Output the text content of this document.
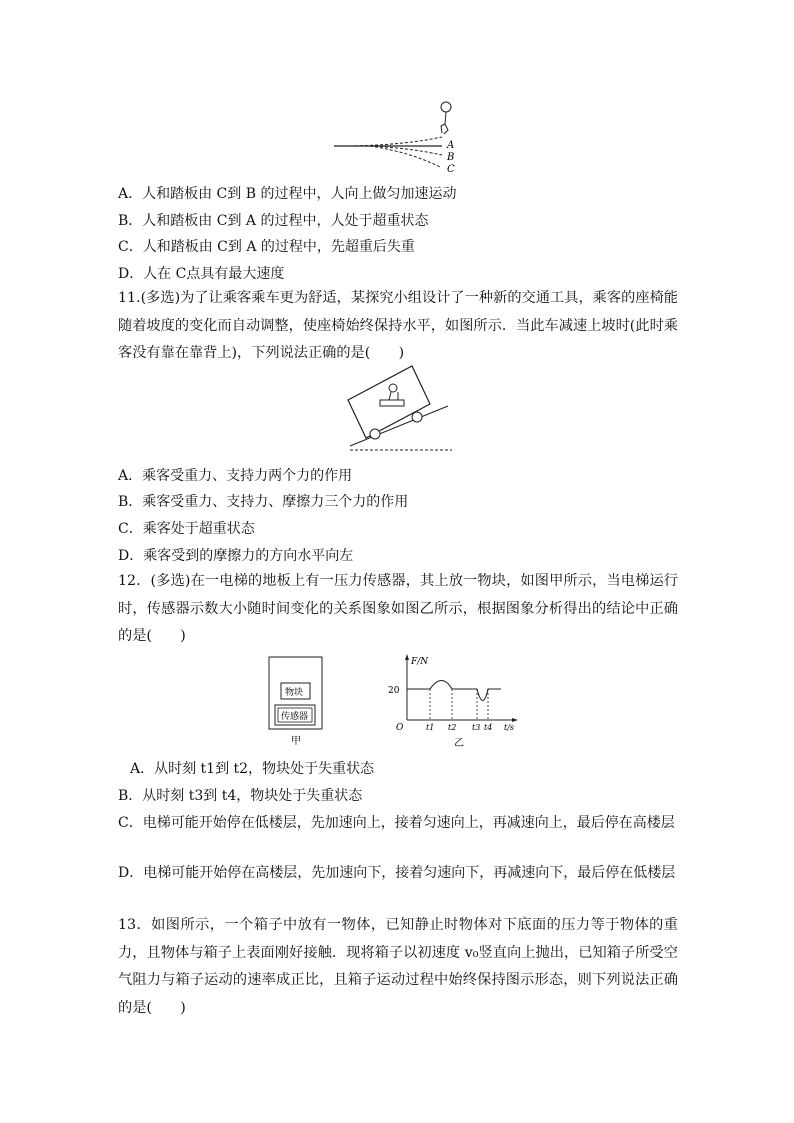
A
B
C
A．人和踏板由 C到 B 的过程中，人向上做匀加速运动
B．人和踏板由 C到 A 的过程中，人处于超重状态
C．人和踏板由 C到 A 的过程中，先超重后失重
D．人在 C点具有最大速度
11.(多选)为了让乘客乘车更为舒适，某探究小组设计了一种新的交通工具，乘客的座椅能随着坡度的变化而自动调整，使座椅始终保持水平，如图所示．当此车减速上坡时(此时乘客没有靠在靠背上)，下列说法正确的是(　　)
A．乘客受重力、支持力两个力的作用
B．乘客受重力、支持力、摩擦力三个力的作用
C．乘客处于超重状态
D．乘客受到的摩擦力的方向水平向左
12．(多选)在一电梯的地板上有一压力传感器，其上放一物块，如图甲所示，当电梯运行时，传感器示数大小随时间变化的关系图象如图乙所示，根据图象分析得出的结论中正确的是(　　)
物块
传感器
甲
F/N
20
O	t1 t2 t3 t4 t/s
乙
A．从时刻 t1到 t2，物块处于失重状态
B．从时刻 t3到 t4，物块处于失重状态
C．电梯可能开始停在低楼层，先加速向上，接着匀速向上，再减速向上，最后停在高楼层
D．电梯可能开始停在高楼层，先加速向下，接着匀速向下，再减速向下，最后停在低楼层
13．如图所示，一个箱子中放有一物体，已知静止时物体对下底面的压力等于物体的重力，且物体与箱子上表面刚好接触．现将箱子以初速度 v₀竖直向上抛出，已知箱子所受空气阻力与箱子运动的速率成正比，且箱子运动过程中始终保持图示形态，则下列说法正确的是(　　)
